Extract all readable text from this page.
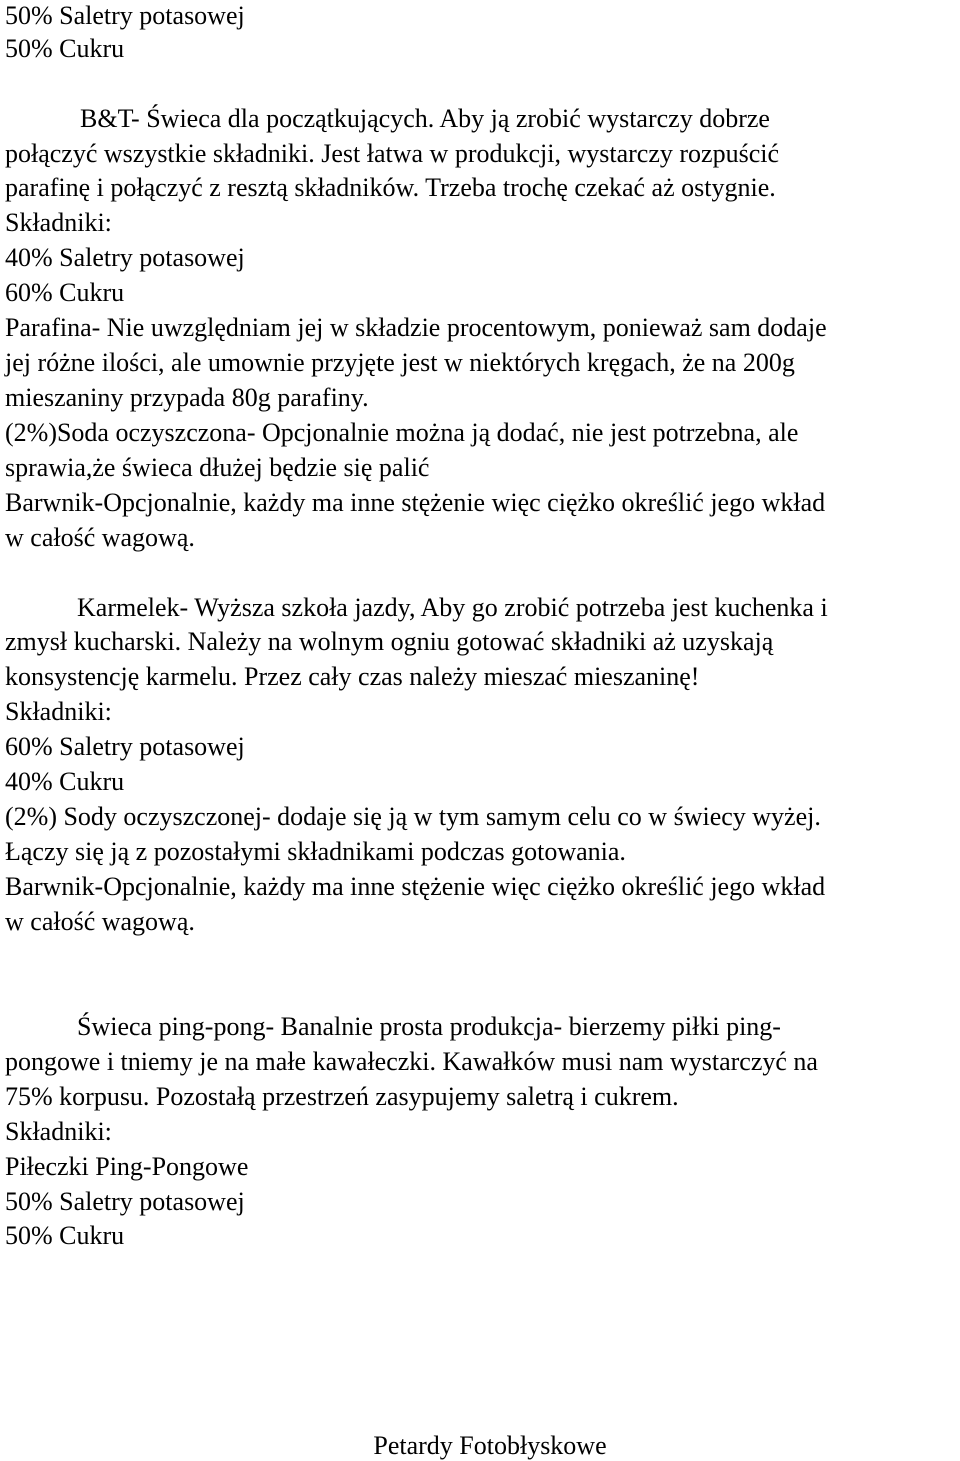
50% Saletry potasowej
50% Cukru
B&T- Świeca dla początkujących. Aby ją zrobić wystarczy dobrze
połączyć wszystkie składniki. Jest łatwa w produkcji, wystarczy rozpuścić
parafinę i połączyć z resztą składników. Trzeba trochę czekać aż ostygnie.
Składniki:
40% Saletry potasowej
60% Cukru
Parafina- Nie uwzględniam jej w składzie procentowym, ponieważ sam dodaje
jej różne ilości, ale umownie przyjęte jest w niektórych kręgach, że na 200g
mieszaniny przypada 80g parafiny.
(2%)Soda oczyszczona- Opcjonalnie można ją dodać, nie jest potrzebna, ale
sprawia,że świeca dłużej będzie się palić
Barwnik-Opcjonalnie, każdy ma inne stężenie więc ciężko określić jego wkład
w całość wagową.
Karmelek- Wyższa szkoła jazdy, Aby go zrobić potrzeba jest kuchenka i
zmysł kucharski. Należy na wolnym ogniu gotować składniki aż uzyskają
konsystencję karmelu. Przez cały czas należy mieszać mieszaninę!
Składniki:
60% Saletry potasowej
40% Cukru
(2%) Sody oczyszczonej- dodaje się ją w tym samym celu co w świecy wyżej.
Łączy się ją z pozostałymi składnikami podczas gotowania.
Barwnik-Opcjonalnie, każdy ma inne stężenie więc ciężko określić jego wkład
w całość wagową.
Świeca ping-pong- Banalnie prosta produkcja- bierzemy piłki ping-
pongowe i tniemy je na małe kawałeczki. Kawałków musi nam wystarczyć na
75% korpusu. Pozostałą przestrzeń zasypujemy saletrą i cukrem.
Składniki:
Piłeczki Ping-Pongowe
50% Saletry potasowej
50% Cukru
Petardy Fotobłyskowe
